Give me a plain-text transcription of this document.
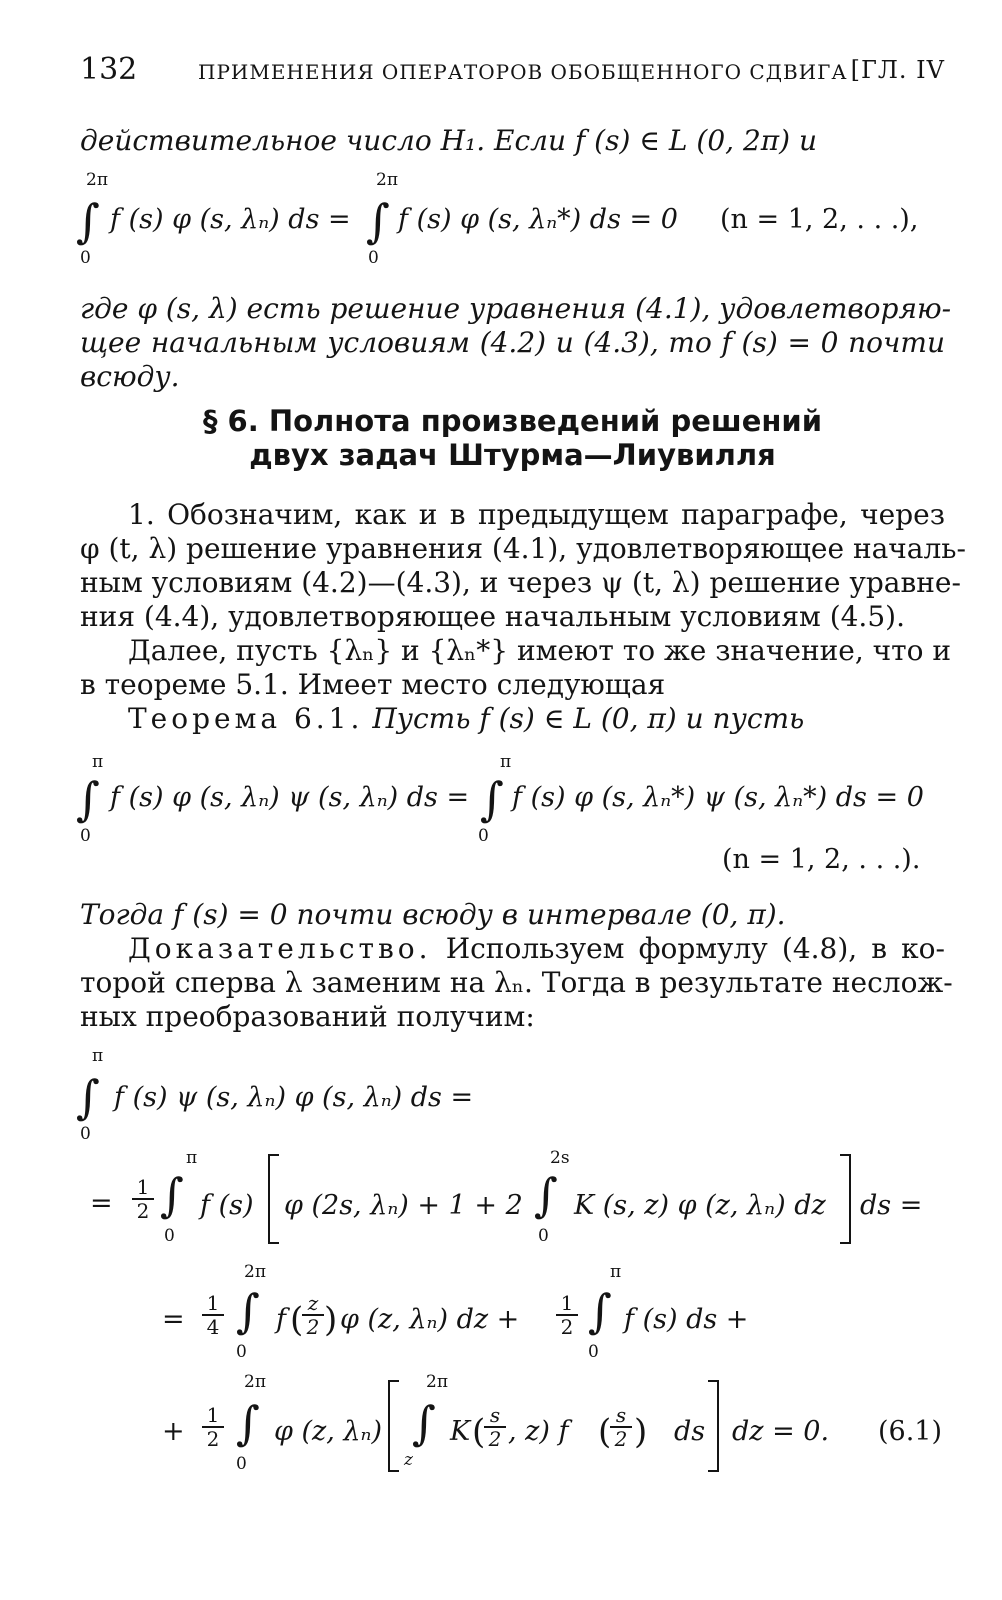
132	ПРИМЕНЕНИЯ ОПЕРАТОРОВ ОБОБЩЕННОГО СДВИГА [ГЛ. IV
действительное число H₁. Если f (s) ∈ L (0, 2π) и
2π
∫
0
f (s) φ (s, λₙ) ds =
2π
∫
0
f (s) φ (s, λₙ*) ds = 0 (n = 1, 2, . . .),
где φ (s, λ) есть решение уравнения (4.1), удовлетворяю-
щее начальным условиям (4.2) и (4.3), то f (s) = 0 почти
всюду.
§ 6. Полнота произведений решений
двух задач Штурма—Лиувилля
1. Обозначим, как и в предыдущем параграфе, через
φ (t, λ) решение уравнения (4.1), удовлетворяющее началь-
ным условиям (4.2)—(4.3), и через ψ (t, λ) решение уравне-
ния (4.4), удовлетворяющее начальным условиям (4.5).
Далее, пусть {λₙ} и {λₙ*} имеют то же значение, что и
в теореме 5.1. Имеет место следующая
Теорема 6.1. Пусть f (s) ∈ L (0, π) и пусть
π
∫
0
f (s) φ (s, λₙ) ψ (s, λₙ) ds =
π
∫
0
f (s) φ (s, λₙ*) ψ (s, λₙ*) ds = 0
(n = 1, 2, . . .).
Тогда f (s) = 0 почти всюду в интервале (0, π).
Доказательство. Используем формулу (4.8), в ко-
торой сперва λ заменим на λₙ. Тогда в результате неслож-
ных преобразований получим:
π
∫
0
f (s) ψ (s, λₙ) φ (s, λₙ) ds =
= $\frac{1}{2}$
π
∫
0
f (s) φ (2s, λₙ) + 1 + 2
2s
∫
0
K (s, z) φ (z, λₙ) dz ds =
= $\frac{1}{4}$
2π
∫
0
f (
$\frac{z}{2}$ ) φ (z, λₙ) dz + $\frac{1}{2}$
π
∫
0
f (s) ds +
+ $\frac{1}{2}$
2π
∫
0
φ (z, λₙ)
2π
∫
z
K (
$\frac{s}{2}$ , z) f (
$\frac{s}{2}$ ) ds dz = 0. (6.1)
